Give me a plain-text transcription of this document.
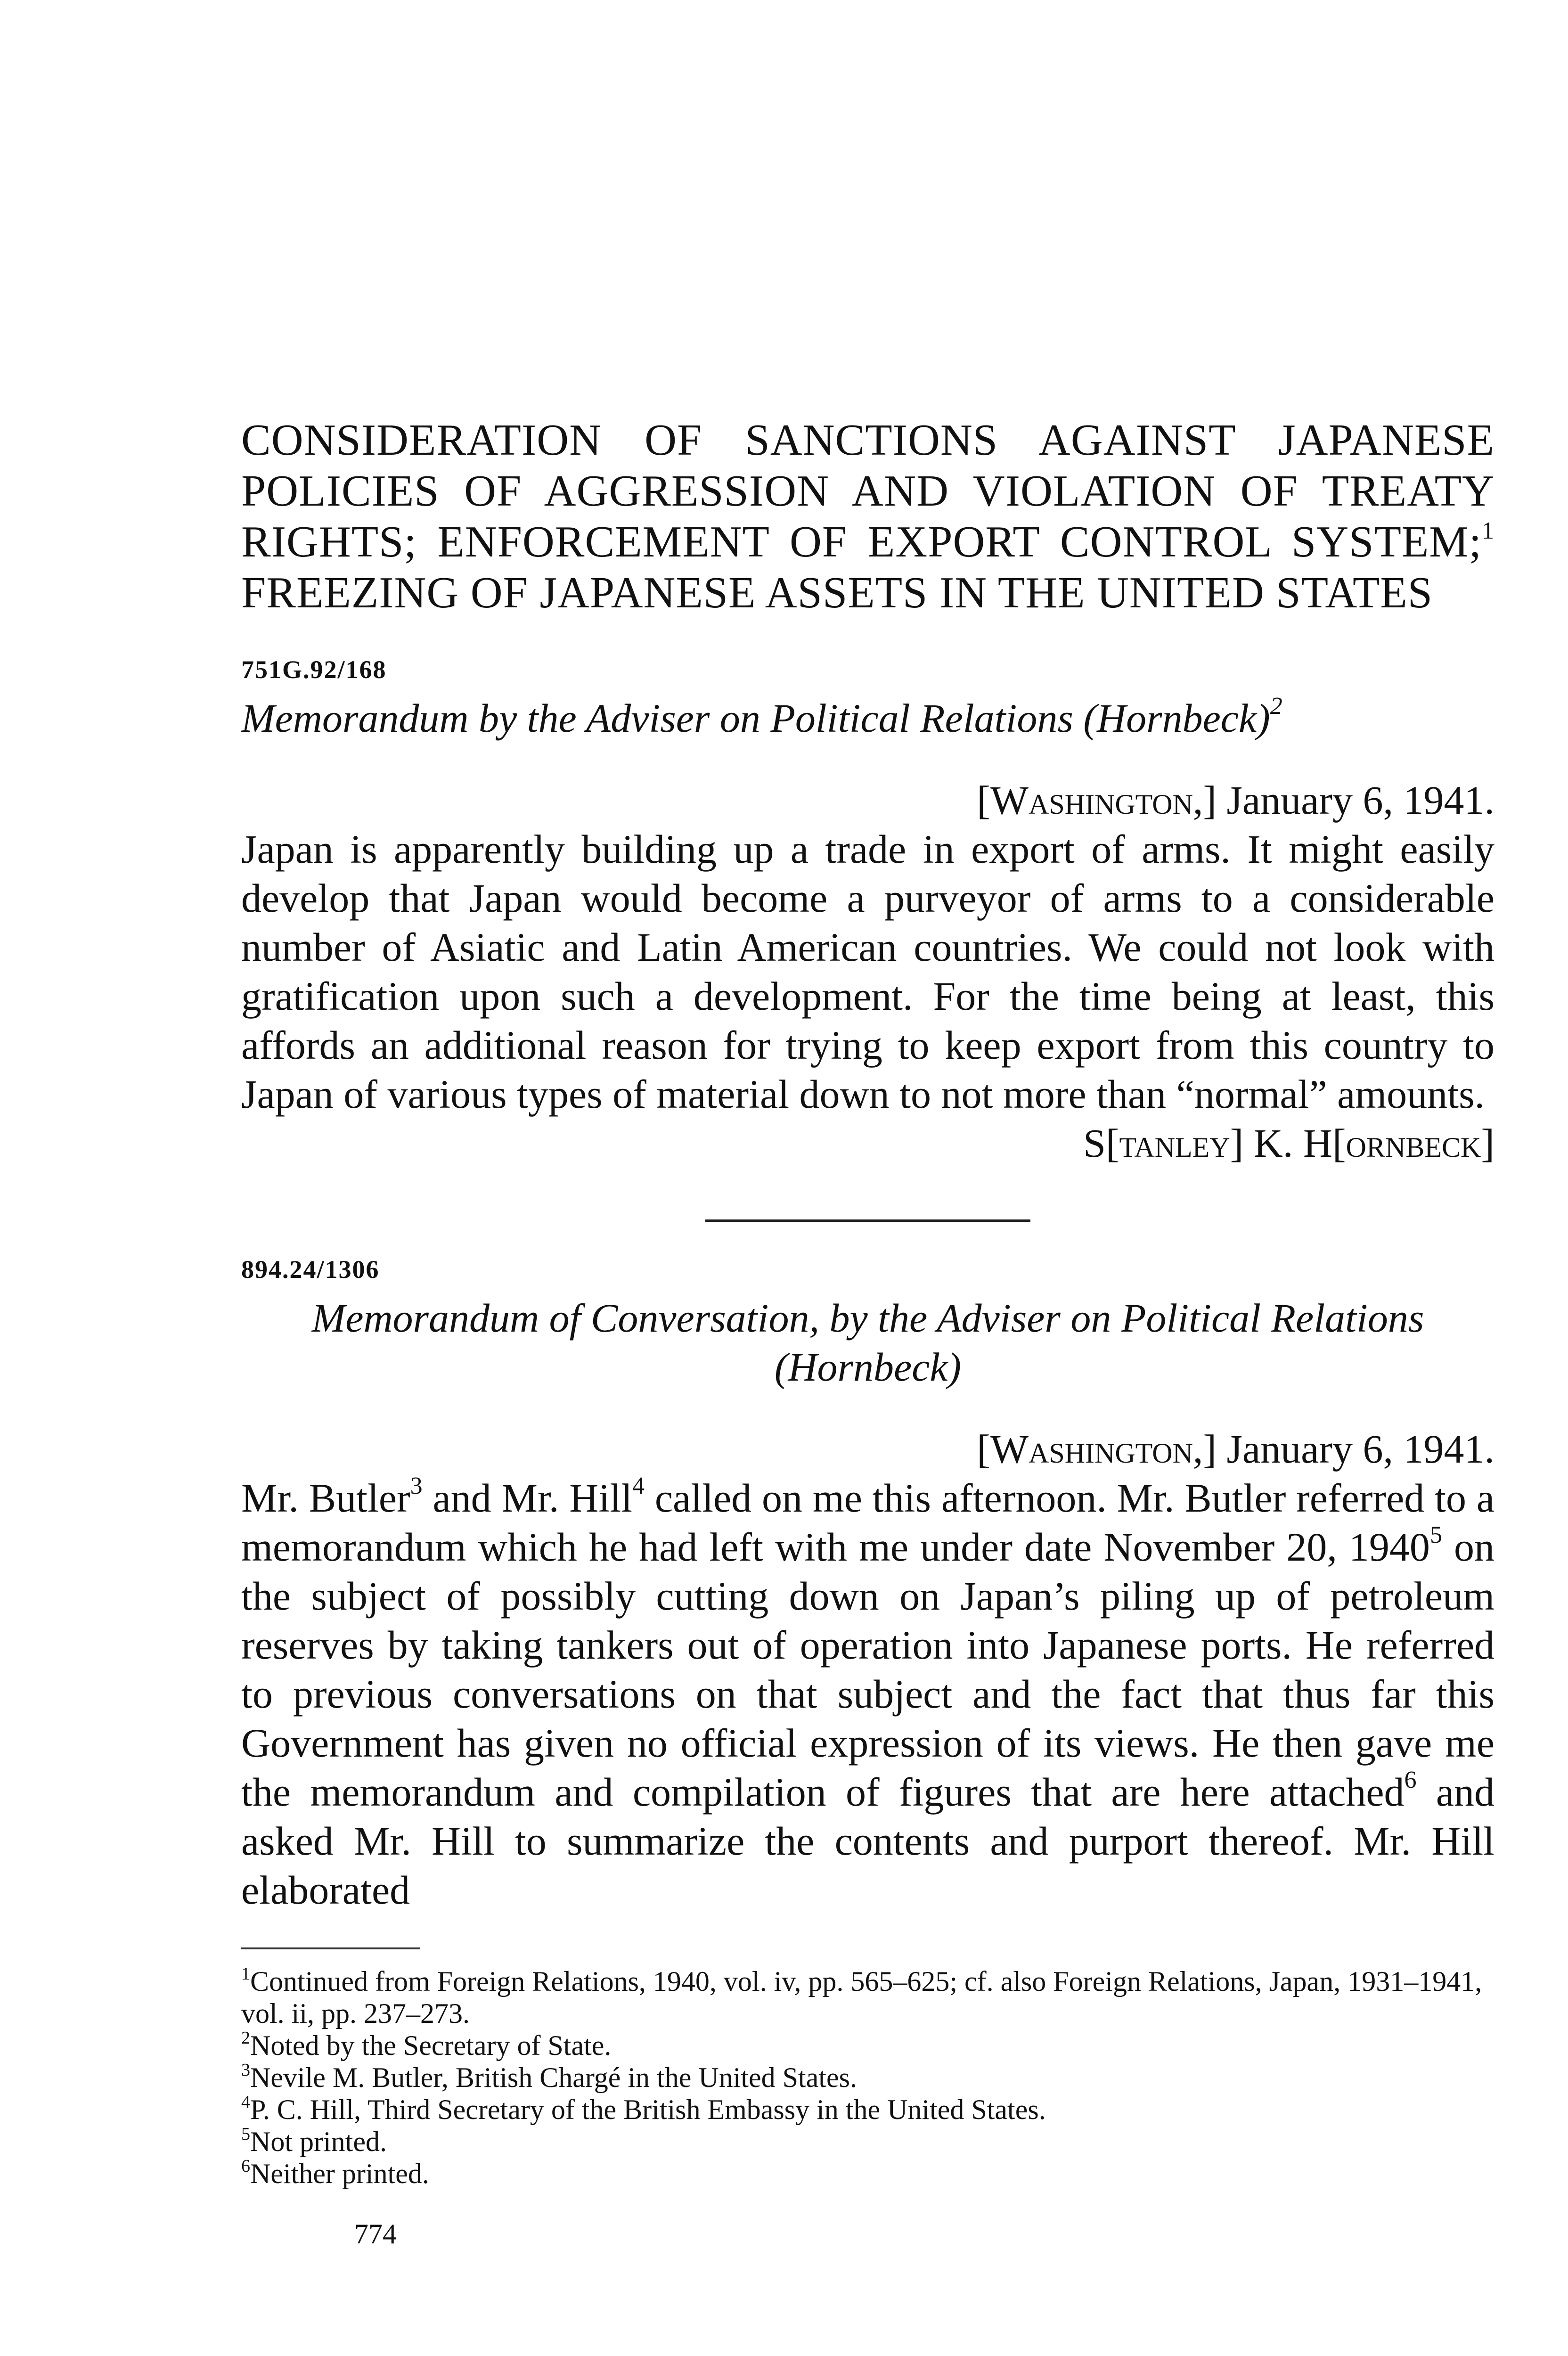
CONSIDERATION OF SANCTIONS AGAINST JAPANESE POLICIES OF AGGRESSION AND VIOLATION OF TREATY RIGHTS; ENFORCEMENT OF EXPORT CONTROL SYSTEM;$^1$ FREEZING OF JAPANESE ASSETS IN THE UNITED STATES

751G.92/168
Memorandum by the Adviser on Political Relations (Hornbeck)$^2$
[Washington,] January 6, 1941.

Japan is apparently building up a trade in export of arms. It might easily develop that Japan would become a purveyor of arms to a considerable number of Asiatic and Latin American countries. We could not look with gratification upon such a development. For the time being at least, this affords an additional reason for trying to keep export from this country to Japan of various types of material down to not more than “normal” amounts.

S[tanley] K. H[ornbeck]
894.24/1306
Memorandum of Conversation, by the Adviser on Political Relations
(Hornbeck)
[Washington,] January 6, 1941.

Mr. Butler$^3$ and Mr. Hill$^4$ called on me this afternoon. Mr. Butler referred to a memorandum which he had left with me under date November 20, 1940$^5$ on the subject of possibly cutting down on Japan’s piling up of petroleum reserves by taking tankers out of operation into Japanese ports. He referred to previous conversations on that subject and the fact that thus far this Government has given no official expression of its views. He then gave me the memorandum and compilation of figures that are here attached$^6$ and asked Mr. Hill to summarize the contents and purport thereof. Mr. Hill elaborated

$^1$Continued from Foreign Relations, 1940, vol. iv, pp. 565–625; cf. also Foreign Relations, Japan, 1931–1941, vol. ii, pp. 237–273.

$^2$Noted by the Secretary of State.

$^3$Nevile M. Butler, British Chargé in the United States.

$^4$P. C. Hill, Third Secretary of the British Embassy in the United States.

$^5$Not printed.

$^6$Neither printed.

774
